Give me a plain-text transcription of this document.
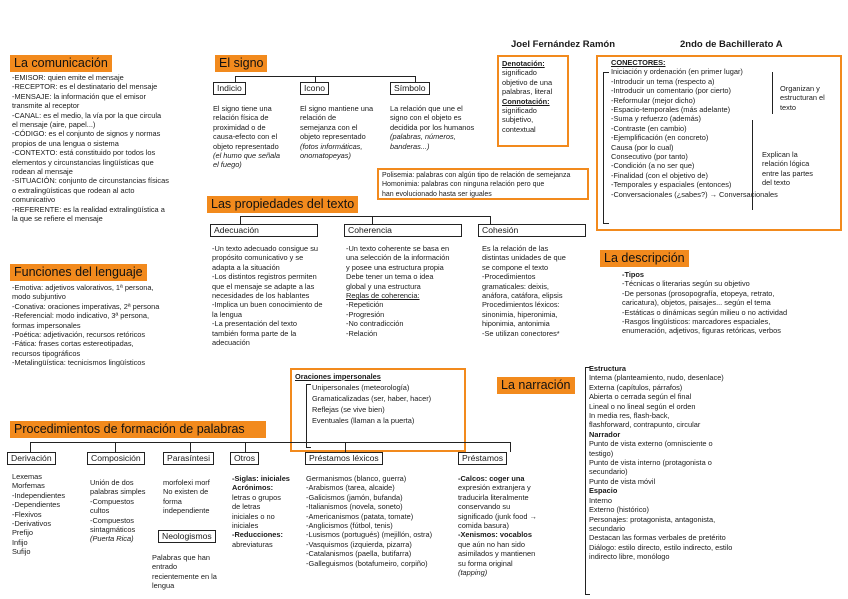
Joel Fernández Ramón	2ndo de Bachillerato A
La comunicación
-EMISOR: quien emite el mensaje
-RECEPTOR: es el destinatario del mensaje
-MENSAJE: la información que el emisor
transmite al receptor
-CANAL: es el medio, la vía por la que circula
el mensaje (aire, papel...)
-CÓDIGO: es el conjunto de signos y normas
propios de una lengua o sistema
-CONTEXTO: está constituido por todos los
elementos y circunstancias lingüísticas que
rodean al mensaje
-SITUACIÓN: conjunto de circunstancias físicas
o extralingüísticas que rodean al acto
comunicativo
-REFERENTE: es la realidad extralingüística a
la que se refiere el mensaje
Funciones del lenguaje
-Emotiva: adjetivos valorativos, 1ª persona,
modo subjuntivo
-Conativa: oraciones imperativas, 2ª persona
-Referencial: modo indicativo, 3ª persona,
formas impersonales
-Poética: adjetivación, recursos retóricos
-Fática: frases cortas estereotipadas,
recursos tipográficos
-Metalingüística: tecnicismos lingüísticos
El signo
Indicio	Icono	Símbolo
El signo tiene una
relación física de
proximidad o de
causa-efecto con el
objeto representado
(el humo que señala
el fuego)
El signo mantiene una
relación de
semejanza con el
objeto representado
(fotos informáticas,
onomatopeyas)
La relación que une el
signo con el objeto es
decidida por los humanos
(palabras, números,
banderas...)
Denotación:
significado
objetivo de una
palabras, literal
Connotación:
significado
subjetivo,
contextual
Polisemia: palabras con algún tipo de relación de semejanza
Homonimia: palabras con ninguna relación pero que
han evolucionado hasta ser iguales
CONECTORES:
Iniciación y ordenación (en primer lugar)
-Introducir un tema (respecto a)
-Introducir un comentario (por cierto)
-Reformular (mejor dicho)
-Espacio-temporales (más adelante)
-Suma y refuerzo (además)
-Contraste (en cambio)
-Ejemplificación (en concreto)
Causa (por lo cual)
Consecutivo (por tanto)
-Condición (a no ser que)
-Finalidad (con el objetivo de)
-Temporales y espaciales (entonces)
-Conversacionales (¿sabes?) → Conversacionales
Organizan y
estructuran el
texto
Explican la
relación lógica
entre las partes
del texto
Las propiedades del texto
Adecuación	Coherencia	Cohesión
-Un texto adecuado consigue su
propósito comunicativo y se
adapta a la situación
-Los distintos registros permiten
que el mensaje se adapte a las
necesidades de los hablantes
-Implica un buen conocimiento de
la lengua
-La presentación del texto
también forma parte de la
adecuación
-Un texto coherente se basa en
una selección de la información
y posee una estructura propia
Debe tener un tema o idea
global y una estructura
Reglas de coherencia:
-Repetición
-Progresión
-No contradicción
-Relación
Es la relación de las
distintas unidades de que
se compone el texto
-Procedimientos
gramaticales: deixis,
anáfora, catáfora, elipsis
Procedimientos léxicos:
sinonimia, hiperonimia,
hiponimia, antonimia
-Se utilizan conectores*
La descripción
-Tipos
-Técnicas o literarias según su objetivo
-De personas (prosopografía, etopeya, retrato,
caricatura), objetos, paisajes... según el tema
-Estáticas o dinámicas según milieu o no actividad
-Rasgos lingüísticos: marcadores espaciales,
enumeración, adjetivos, figuras retóricas, verbos
Oraciones impersonales
Unipersonales (meteorología)
Gramaticalizadas (ser, haber, hacer)
Reflejas (se vive bien)
Eventuales (llaman a la puerta)
La narración
Estructura
Interna (planteamiento, nudo, desenlace)
Externa (capítulos, párrafos)
Abierta o cerrada según el final
Lineal o no lineal según el orden
In media res, flash-back,
flashforward, contrapunto, circular
Narrador
Punto de vista externo (omnisciente o
testigo)
Punto de vista interno (protagonista o
secundario)
Punto de vista móvil
Espacio
Interno
Externo (histórico)
Personajes: protagonista, antagonista,
secundario
Destacan las formas verbales de pretérito
Diálogo: estilo directo, estilo indirecto, estilo
indirecto libre, monólogo
Procedimientos de formación de palabras
Derivación	Composición	Parasíntesi	Otros	Préstamos léxicos	Préstamos
Lexemas
Morfemas
-Independientes
-Dependientes
-Flexivos
-Derivativos
Prefijo
Infijo
Sufijo
Unión de dos
palabras simples
-Compuestos
cultos
-Compuestos
sintagmáticos
(Puerta Rica)
morfolexi morf
No existen de
forma
independiente
Neologismos
Palabras que han
entrado
recientemente en la
lengua
-Siglas: iniciales
Acrónimos:
letras o grupos
de letras
iniciales o no
iniciales
-Reducciones:
abreviaturas
Germanismos (blanco, guerra)
-Arabismos (tarea, alcaide)
-Galicismos (jamón, bufanda)
-Italianismos (novela, soneto)
-Americanismos (patata, tomate)
-Anglicismos (fútbol, tenis)
-Lusismos (portugués) (mejillón, ostra)
-Vasquismos (izquierda, pizarra)
-Catalanismos (paella, butifarra)
-Galleguismos (botafumeiro, corpiño)
-Calcos: coger una
expresión extranjera y
traducirla literalmente
conservando su
significado (junk food →
comida basura)
-Xenismos: vocablos
que aún no han sido
asimilados y mantienen
su forma original
(tapping)
